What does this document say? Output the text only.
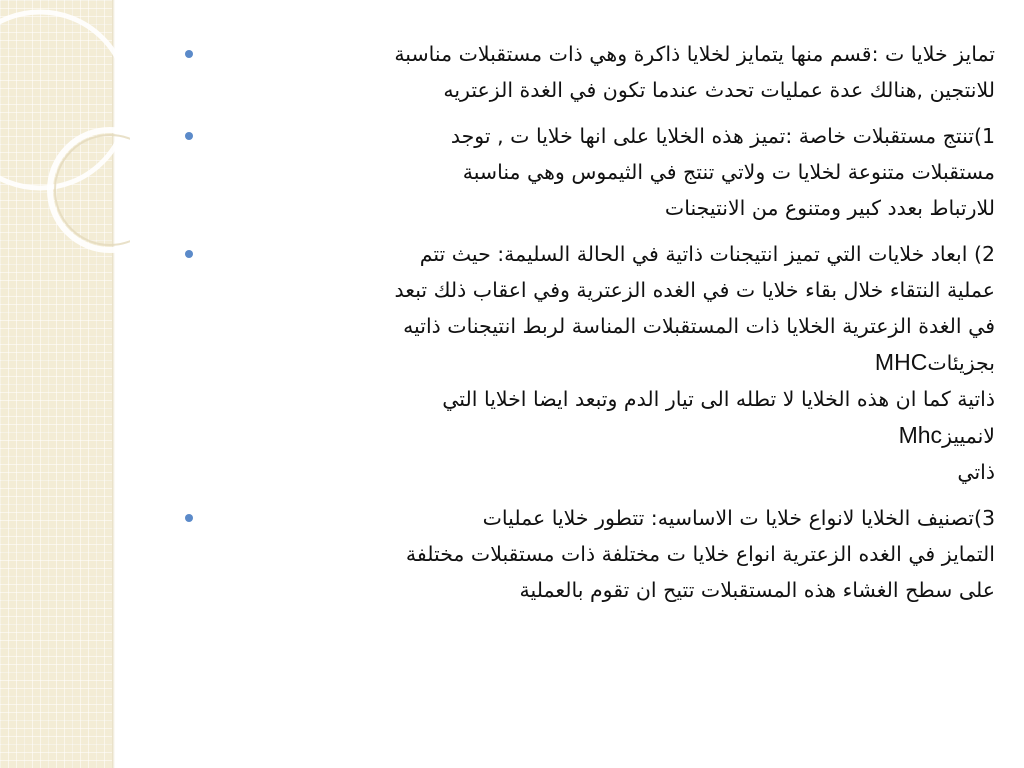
تمايز خلايا ت :قسم منها يتمايز لخلايا ذاكرة وهي ذات مستقبلات مناسبة
للانتجين ,هنالك عدة عمليات تحدث عندما تكون في الغدة الزعتريه
1)تنتج مستقبلات خاصة :تميز هذه الخلايا على انها خلايا ت , توجد
مستقبلات متنوعة لخلايا ت ولاتي تنتج في الثيموس وهي مناسبة
للارتباط بعدد كبير ومتنوع من الانتيجنات
2) ابعاد خلايات التي تميز انتيجنات ذاتية في الحالة السليمة: حيث تتم
عملية النتقاء خلال بقاء خلايا ت في الغده الزعترية وفي اعقاب ذلك تبعد
في الغدة الزعترية الخلايا ذات المستقبلات المناسة لربط انتيجنات ذاتيه
بجزيئاتMHC
ذاتية كما ان هذه الخلايا لا تطله الى تيار الدم وتبعد ايضا اخلايا التي
لانمييزMhc
ذاتي
3)تصنيف الخلايا لانواع خلايا ت الاساسيه: تتطور خلايا عمليات
التمايز في الغده الزعترية انواع خلايا ت مختلفة ذات مستقبلات مختلفة
على سطح الغشاء هذه المستقبلات تتيح ان تقوم بالعملية
